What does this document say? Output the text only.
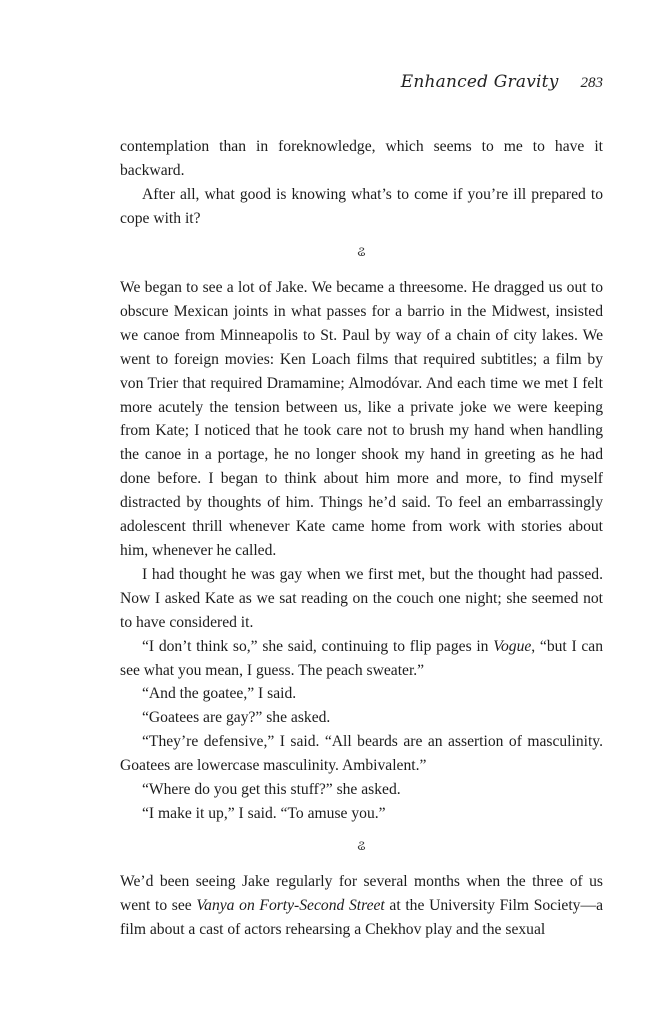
Enhanced Gravity 283

contemplation than in foreknowledge, which seems to me to have it backward.

After all, what good is knowing what’s to come if you’re ill prepared to cope with it?

ଌ

We began to see a lot of Jake. We became a threesome. He dragged us out to obscure Mexican joints in what passes for a barrio in the Midwest, insisted we canoe from Minneapolis to St. Paul by way of a chain of city lakes. We went to foreign movies: Ken Loach films that required subtitles; a film by von Trier that required Dramamine; Almodóvar. And each time we met I felt more acutely the tension between us, like a private joke we were keeping from Kate; I noticed that he took care not to brush my hand when handling the canoe in a portage, he no longer shook my hand in greeting as he had done before. I began to think about him more and more, to find myself distracted by thoughts of him. Things he’d said. To feel an embarrassingly adolescent thrill whenever Kate came home from work with stories about him, whenever he called.

I had thought he was gay when we first met, but the thought had passed. Now I asked Kate as we sat reading on the couch one night; she seemed not to have considered it.

“I don’t think so,” she said, continuing to flip pages in Vogue, “but I can see what you mean, I guess. The peach sweater.”

“And the goatee,” I said.

“Goatees are gay?” she asked.

“They’re defensive,” I said. “All beards are an assertion of masculinity. Goatees are lowercase masculinity. Ambivalent.”

“Where do you get this stuff?” she asked.

“I make it up,” I said. “To amuse you.”

ଌ

We’d been seeing Jake regularly for several months when the three of us went to see Vanya on Forty-Second Street at the University Film Society—a film about a cast of actors rehearsing a Chekhov play and the sexual
